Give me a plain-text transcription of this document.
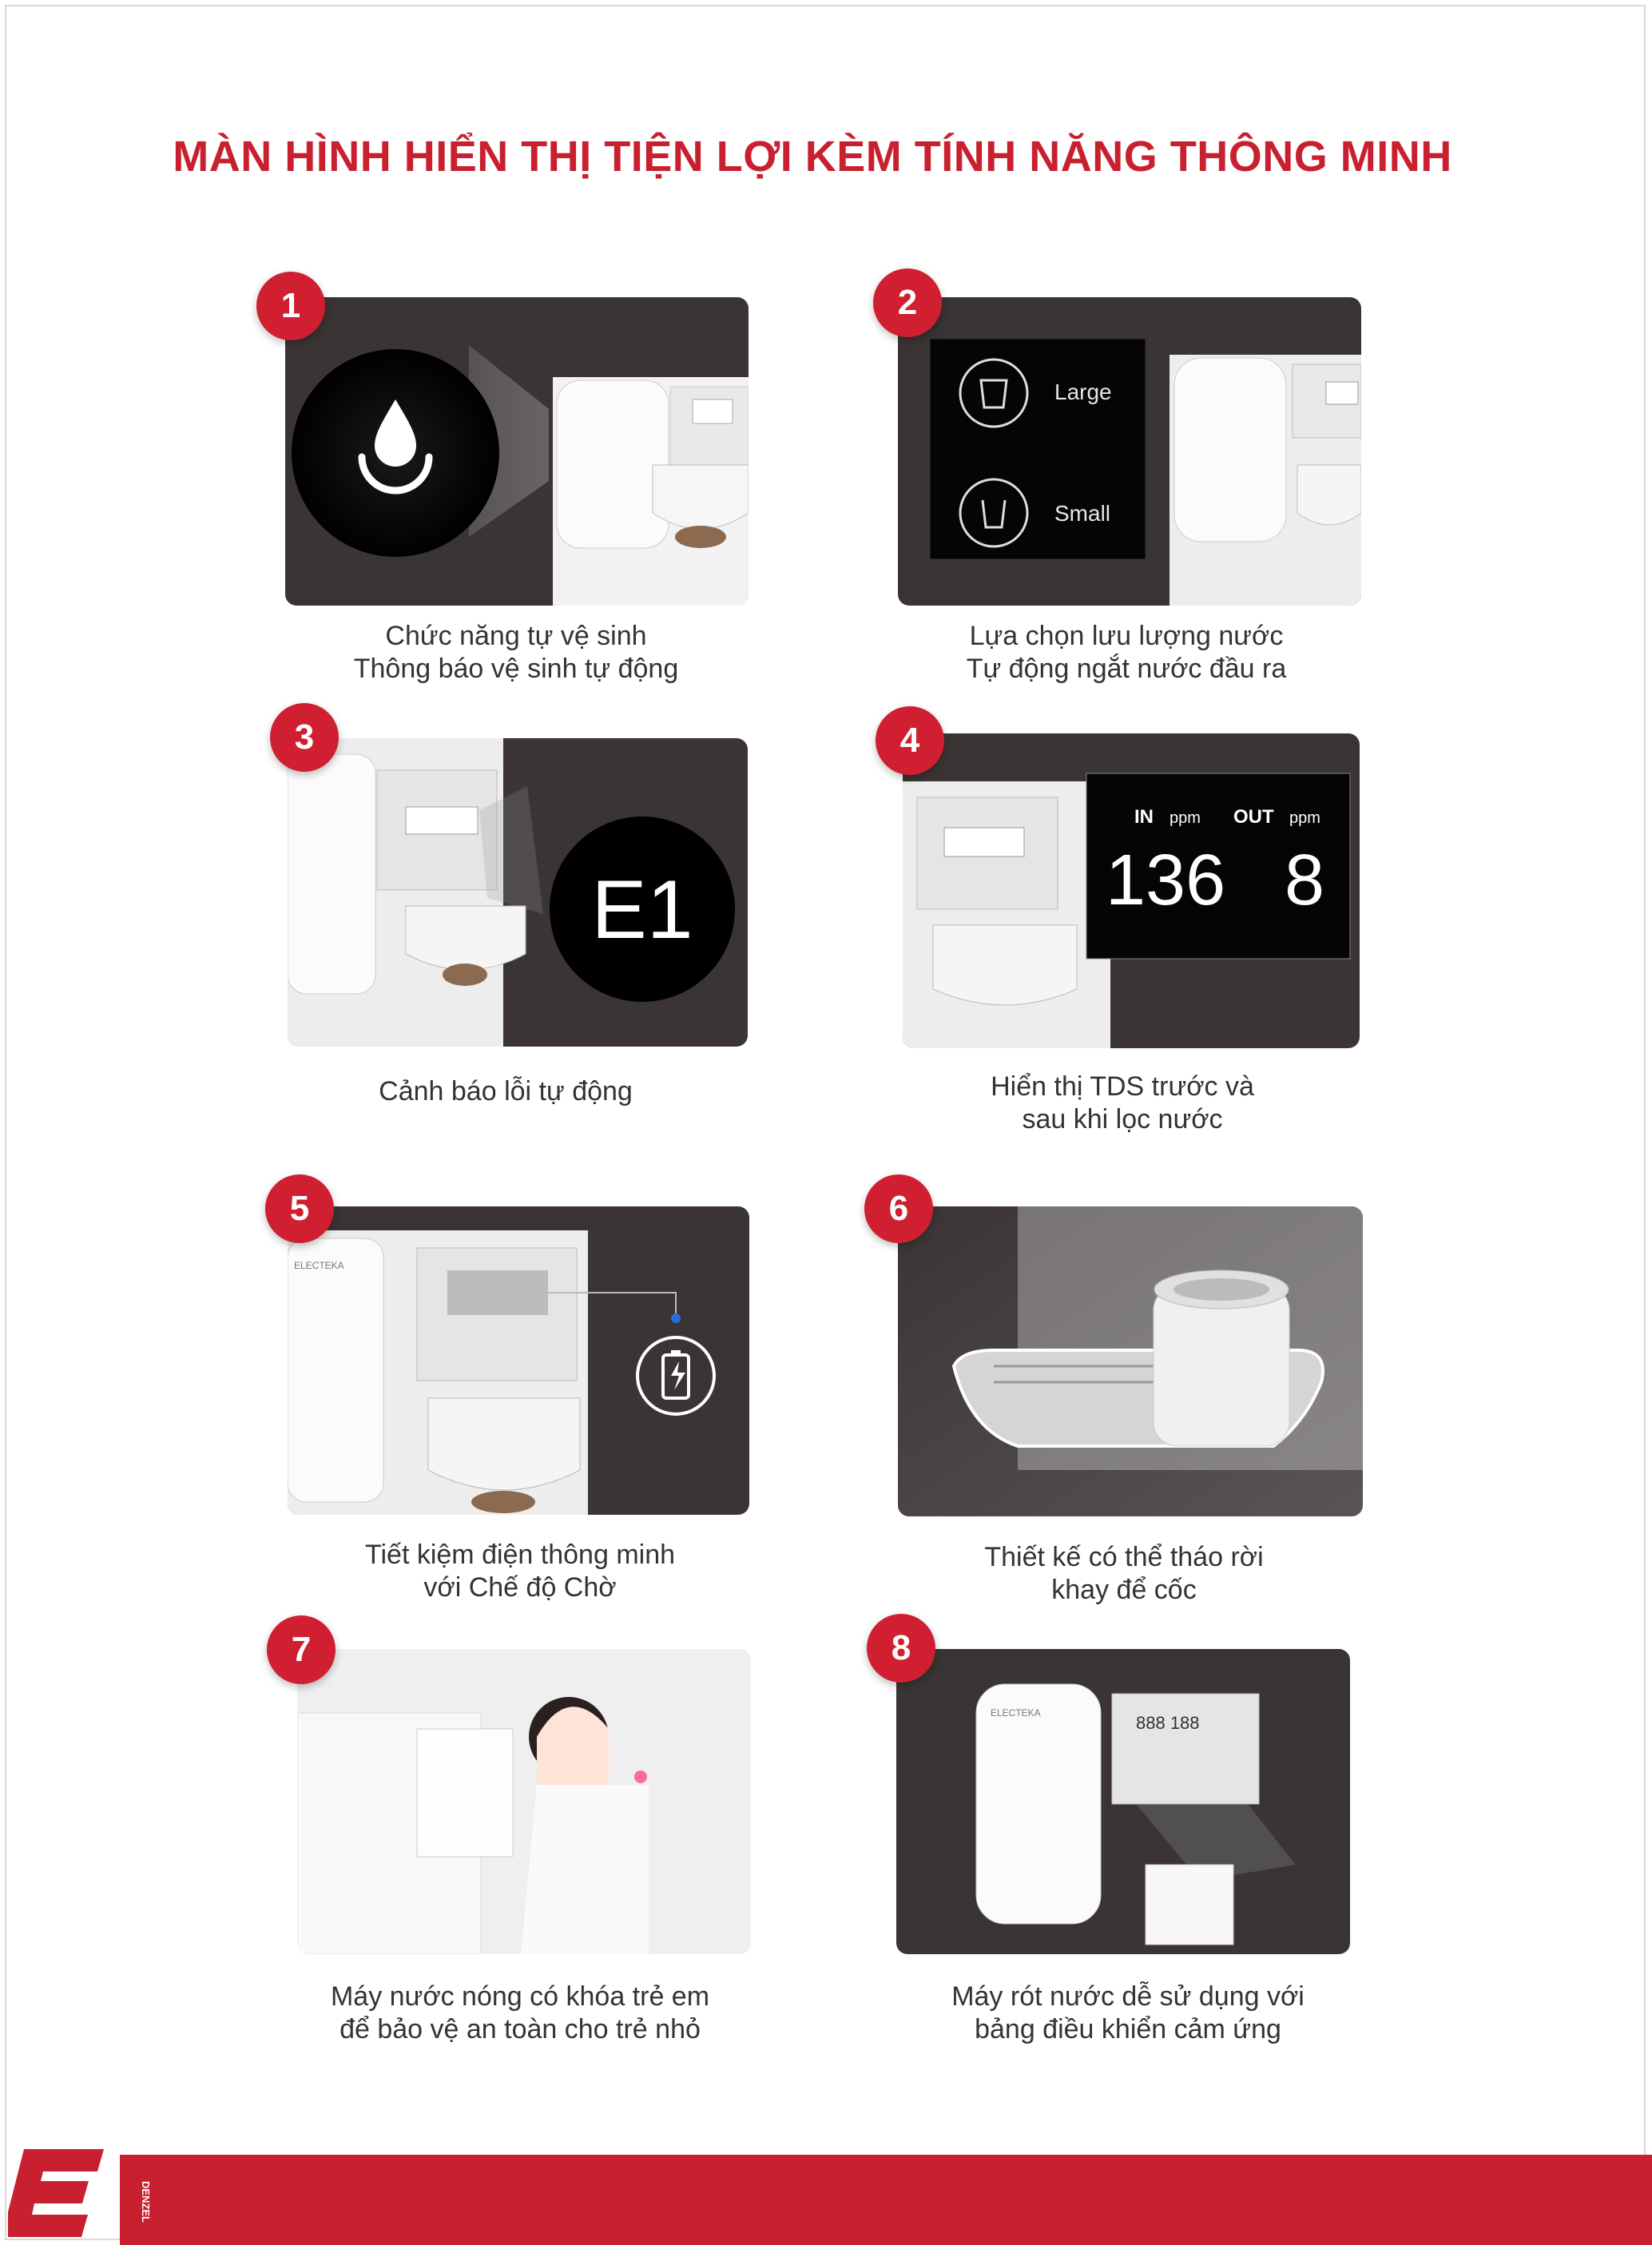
MÀN HÌNH HIỂN THỊ TIỆN LỢI KÈM TÍNH NĂNG THÔNG MINH
1
Chức năng tự vệ sinh
Thông báo vệ sinh tự động
2
Large
Small
Lựa chọn lưu lượng nước
Tự động ngắt nước đầu ra
3
E1
Cảnh báo lỗi tự động
4
IN ppm OUT ppm
136 8
Hiển thị TDS trước và
sau khi lọc nước
5
ELECTEKA
Tiết kiệm điện thông minh
với Chế độ Chờ
6
Thiết kế có thể tháo rời
khay để cốc
7
Máy nước nóng có khóa trẻ em
để bảo vệ an toàn cho trẻ nhỏ
8
ELECTEKA	888 188
Máy rót nước dễ sử dụng với
bảng điều khiển cảm ứng
DENZEL
